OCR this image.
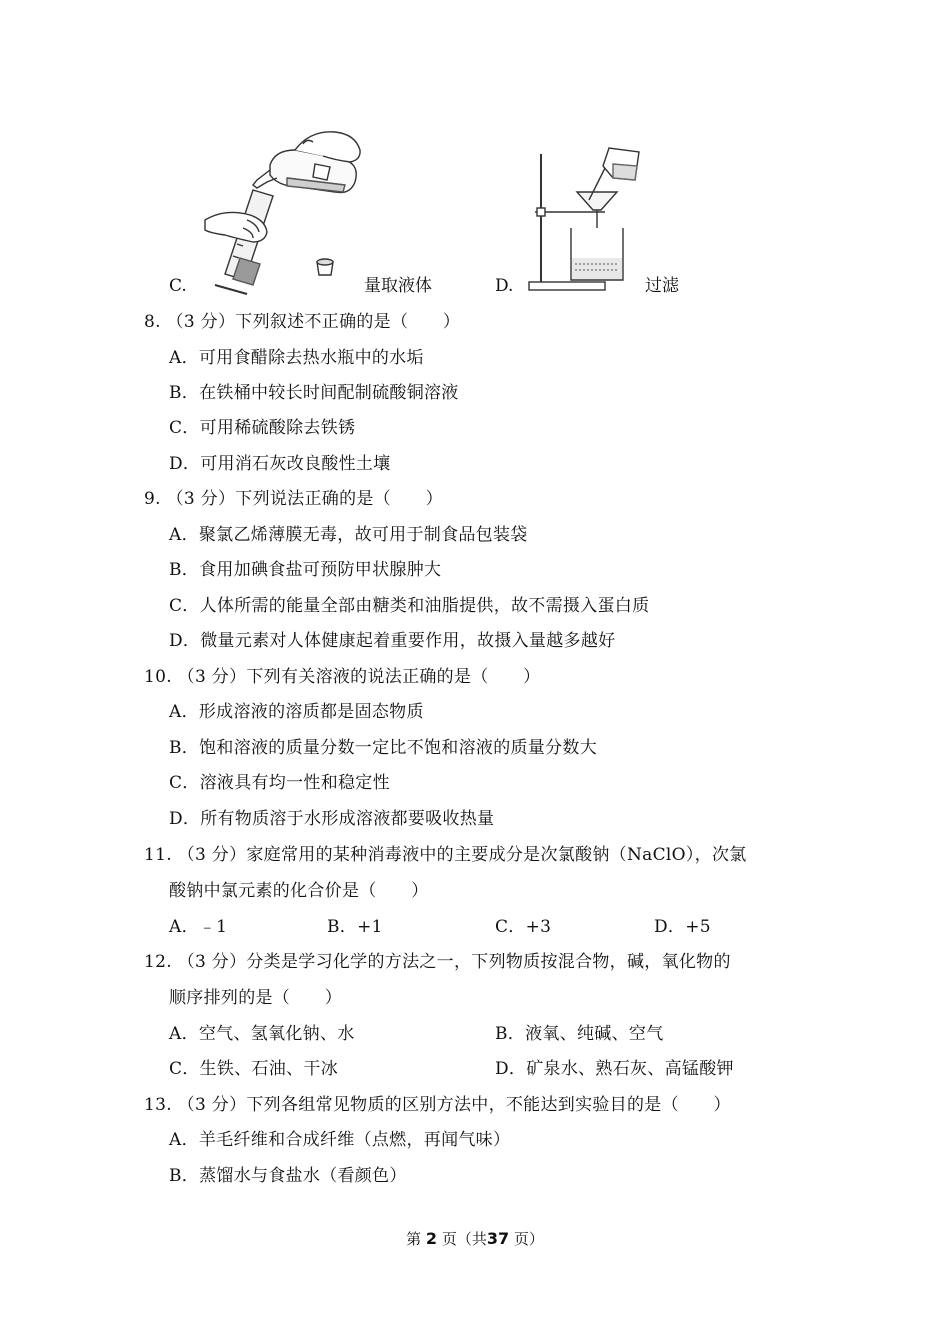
C.	量取液体	D.	过滤
8. （3 分）下列叙述不正确的是（　　）
A．可用食醋除去热水瓶中的水垢
B．在铁桶中较长时间配制硫酸铜溶液
C．可用稀硫酸除去铁锈
D．可用消石灰改良酸性土壤
9. （3 分）下列说法正确的是（　　）
A．聚氯乙烯薄膜无毒，故可用于制食品包装袋
B．食用加碘食盐可预防甲状腺肿大
C．人体所需的能量全部由糖类和油脂提供，故不需摄入蛋白质
D．微量元素对人体健康起着重要作用，故摄入量越多越好
10. （3 分）下列有关溶液的说法正确的是（　　）
A．形成溶液的溶质都是固态物质
B．饱和溶液的质量分数一定比不饱和溶液的质量分数大
C．溶液具有均一性和稳定性
D．所有物质溶于水形成溶液都要吸收热量
11. （3 分）家庭常用的某种消毒液中的主要成分是次氯酸钠（NaClO），次氯
酸钠中氯元素的化合价是（　　）
A．﹣1	B．+1	C．+3	D．+5
12. （3 分）分类是学习化学的方法之一，下列物质按混合物，碱，氧化物的
顺序排列的是（　　）
A．空气、氢氧化钠、水	B．液氧、纯碱、空气
C．生铁、石油、干冰	D．矿泉水、熟石灰、高锰酸钾
13. （3 分）下列各组常见物质的区别方法中，不能达到实验目的是（　　）
A．羊毛纤维和合成纤维（点燃，再闻气味）
B．蒸馏水与食盐水（看颜色）
第 2 页（共37 页）
